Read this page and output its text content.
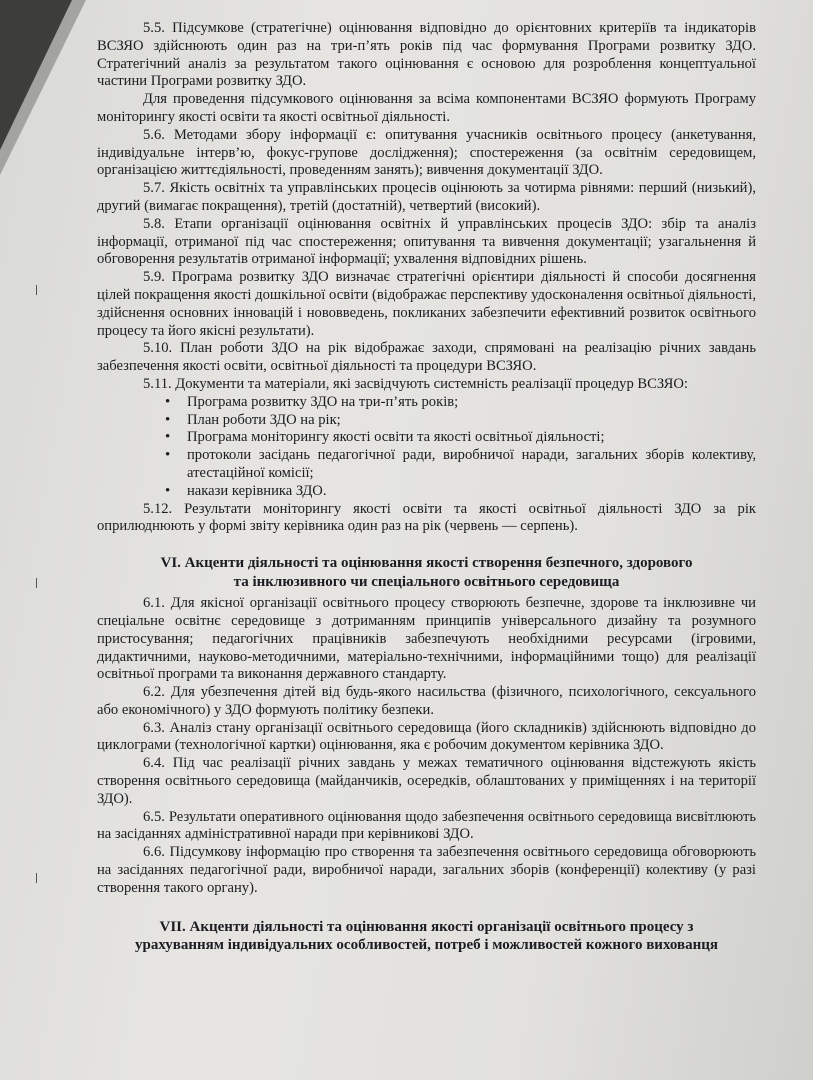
5.5. Підсумкове (стратегічне) оцінювання відповідно до орієнтовних критеріїв та індикаторів ВСЗЯО здійснюють один раз на три-п’ять років під час формування Програми розвитку ЗДО. Стратегічний аналіз за результатом такого оцінювання є основою для розроблення концептуальної частини Програми розвитку ЗДО.

Для проведення підсумкового оцінювання за всіма компонентами ВСЗЯО формують Програму моніторингу якості освіти та якості освітньої діяльності.

5.6. Методами збору інформації є: опитування учасників освітнього процесу (анкетування, індивідуальне інтерв’ю, фокус-групове дослідження); спостереження (за освітнім середовищем, організацією життєдіяльності, проведенням занять); вивчення документації ЗДО.

5.7. Якість освітніх та управлінських процесів оцінюють за чотирма рівнями: перший (низький), другий (вимагає покращення), третій (достатній), четвертий (високий).

5.8. Етапи організації оцінювання освітніх й управлінських процесів ЗДО: збір та аналіз інформації, отриманої під час спостереження; опитування та вивчення документації; узагальнення й обговорення результатів отриманої інформації; ухвалення відповідних рішень.

5.9. Програма розвитку ЗДО визначає стратегічні орієнтири діяльності й способи досягнення цілей покращення якості дошкільної освіти (відображає перспективу удосконалення освітньої діяльності, здійснення основних інновацій і нововведень, покликаних забезпечити ефективний розвиток освітнього процесу та його якісні результати).

5.10. План роботи ЗДО на рік відображає заходи, спрямовані на реалізацію річних завдань забезпечення якості освіти, освітньої діяльності та процедури ВСЗЯО.

5.11. Документи та матеріали, які засвідчують системність реалізації процедур ВСЗЯО:

• Програма розвитку ЗДО на три-п’ять років;
• План роботи ЗДО на рік;
• Програма моніторингу якості освіти та якості освітньої діяльності;
• протоколи засідань педагогічної ради, виробничої наради, загальних зборів колективу, атестаційної комісії;
• накази керівника ЗДО.

5.12. Результати моніторингу якості освіти та якості освітньої діяльності ЗДО за рік оприлюднюють у формі звіту керівника один раз на рік (червень — серпень).

VI. Акценти діяльності та оцінювання якості створення безпечного, здорового
та інклюзивного чи спеціального освітнього середовища

6.1. Для якісної організації освітнього процесу створюють безпечне, здорове та інклюзивне чи спеціальне освітнє середовище з дотриманням принципів універсального дизайну та розумного пристосування; педагогічних працівників забезпечують необхідними ресурсами (ігровими, дидактичними, науково-методичними, матеріально-технічними, інформаційними тощо) для реалізації освітньої програми та виконання державного стандарту.

6.2. Для убезпечення дітей від будь-якого насильства (фізичного, психологічного, сексуального або економічного) у ЗДО формують політику безпеки.

6.3. Аналіз стану організації освітнього середовища (його складників) здійснюють відповідно до циклограми (технологічної картки) оцінювання, яка є робочим документом керівника ЗДО.

6.4. Під час реалізації річних завдань у межах тематичного оцінювання відстежують якість створення освітнього середовища (майданчиків, осередків, облаштованих у приміщеннях і на території ЗДО).

6.5. Результати оперативного оцінювання щодо забезпечення освітнього середовища висвітлюють на засіданнях адміністративної наради при керівникові ЗДО.

6.6. Підсумкову інформацію про створення та забезпечення освітнього середовища обговорюють на засіданнях педагогічної ради, виробничої наради, загальних зборів (конференції) колективу (у разі створення такого органу).

VII. Акценти діяльності та оцінювання якості організації освітнього процесу з
урахуванням індивідуальних особливостей, потреб і можливостей кожного вихованця
